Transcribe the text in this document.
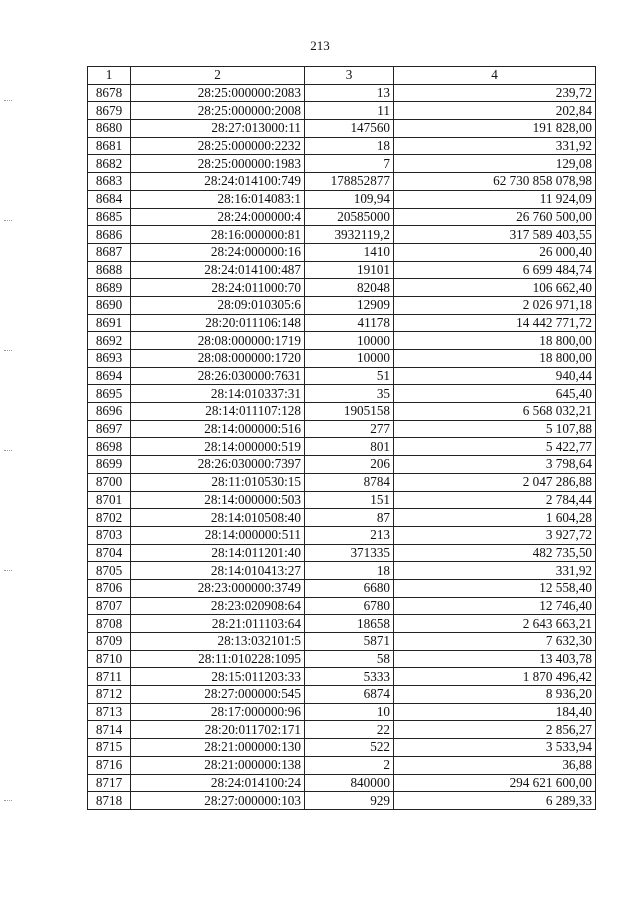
213
1	2	3	4
8678	28:25:000000:2083	13	239,72
8679	28:25:000000:2008	11	202,84
8680	28:27:013000:11	147560	191 828,00
8681	28:25:000000:2232	18	331,92
8682	28:25:000000:1983	7	129,08
8683	28:24:014100:749	178852877	62 730 858 078,98
8684	28:16:014083:1	109,94	11 924,09
8685	28:24:000000:4	20585000	26 760 500,00
8686	28:16:000000:81	3932119,2	317 589 403,55
8687	28:24:000000:16	1410	26 000,40
8688	28:24:014100:487	19101	6 699 484,74
8689	28:24:011000:70	82048	106 662,40
8690	28:09:010305:6	12909	2 026 971,18
8691	28:20:011106:148	41178	14 442 771,72
8692	28:08:000000:1719	10000	18 800,00
8693	28:08:000000:1720	10000	18 800,00
8694	28:26:030000:7631	51	940,44
8695	28:14:010337:31	35	645,40
8696	28:14:011107:128	1905158	6 568 032,21
8697	28:14:000000:516	277	5 107,88
8698	28:14:000000:519	801	5 422,77
8699	28:26:030000:7397	206	3 798,64
8700	28:11:010530:15	8784	2 047 286,88
8701	28:14:000000:503	151	2 784,44
8702	28:14:010508:40	87	1 604,28
8703	28:14:000000:511	213	3 927,72
8704	28:14:011201:40	371335	482 735,50
8705	28:14:010413:27	18	331,92
8706	28:23:000000:3749	6680	12 558,40
8707	28:23:020908:64	6780	12 746,40
8708	28:21:011103:64	18658	2 643 663,21
8709	28:13:032101:5	5871	7 632,30
8710	28:11:010228:1095	58	13 403,78
8711	28:15:011203:33	5333	1 870 496,42
8712	28:27:000000:545	6874	8 936,20
8713	28:17:000000:96	10	184,40
8714	28:20:011702:171	22	2 856,27
8715	28:21:000000:130	522	3 533,94
8716	28:21:000000:138	2	36,88
8717	28:24:014100:24	840000	294 621 600,00
8718	28:27:000000:103	929	6 289,33
